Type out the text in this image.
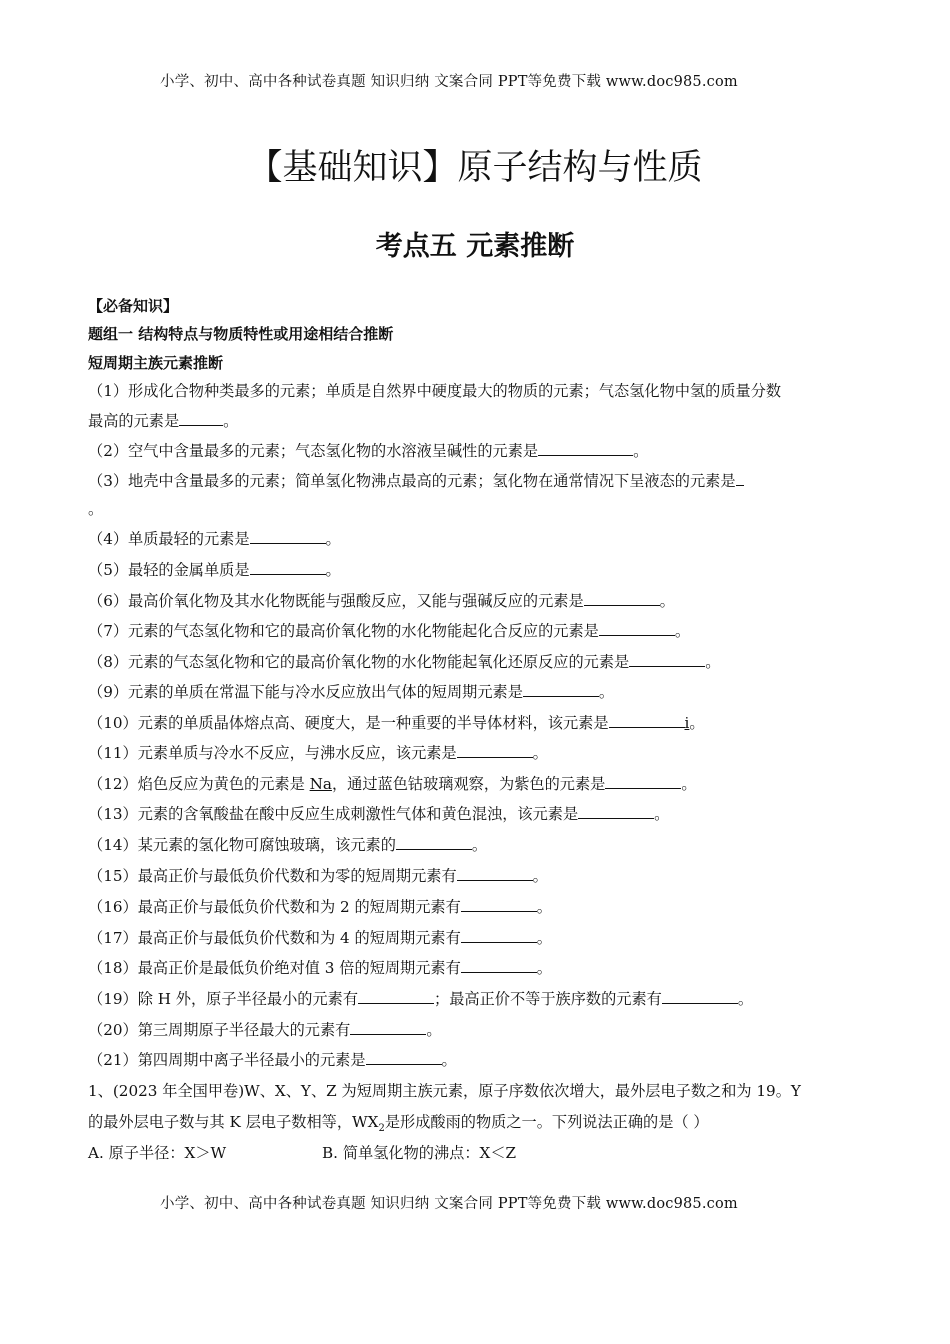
小学、初中、高中各种试卷真题 知识归纳 文案合同 PPT等免费下载 www.doc985.com
【基础知识】原子结构与性质
考点五 元素推断
【必备知识】
题组一 结构特点与物质特性或用途相结合推断
短周期主族元素推断
（1）形成化合物种类最多的元素；单质是自然界中硬度最大的物质的元素；气态氢化物中氢的质量分数
最高的元素是	。
（2）空气中含量最多的元素；气态氢化物的水溶液呈碱性的元素是	。
（3）地壳中含量最多的元素；简单氢化物沸点最高的元素；氢化物在通常情况下呈液态的元素是
。
（4）单质最轻的元素是	。
（5）最轻的金属单质是	。
（6）最高价氧化物及其水化物既能与强酸反应，又能与强碱反应的元素是	。
（7）元素的气态氢化物和它的最高价氧化物的水化物能起化合反应的元素是	。
（8）元素的气态氢化物和它的最高价氧化物的水化物能起氧化还原反应的元素是	。
（9）元素的单质在常温下能与冷水反应放出气体的短周期元素是	。
（10）元素的单质晶体熔点高、硬度大，是一种重要的半导体材料，该元素是	i。
（11）元素单质与冷水不反应，与沸水反应，该元素是	。
（12）焰色反应为黄色的元素是 Na，通过蓝色钴玻璃观察，为紫色的元素是	。
（13）元素的含氧酸盐在酸中反应生成刺激性气体和黄色混浊，该元素是	。
（14）某元素的氢化物可腐蚀玻璃，该元素的	。
（15）最高正价与最低负价代数和为零的短周期元素有	。
（16）最高正价与最低负价代数和为 2 的短周期元素有	。
（17）最高正价与最低负价代数和为 4 的短周期元素有	。
（18）最高正价是最低负价绝对值 3 倍的短周期元素有	。
（19）除 H 外，原子半径最小的元素有	；最高正价不等于族序数的元素有	。
（20）第三周期原子半径最大的元素有	。
（21）第四周期中离子半径最小的元素是	。
1、(2023 年全国甲卷)W、X、Y、Z 为短周期主族元素，原子序数依次增大，最外层电子数之和为 19。Y
的最外层电子数与其 K 层电子数相等，$WX_2$是形成酸雨的物质之一。下列说法正确的是（ ）
A. 原子半径：X＞W	B. 简单氢化物的沸点：X＜Z
小学、初中、高中各种试卷真题 知识归纳 文案合同 PPT等免费下载 www.doc985.com
